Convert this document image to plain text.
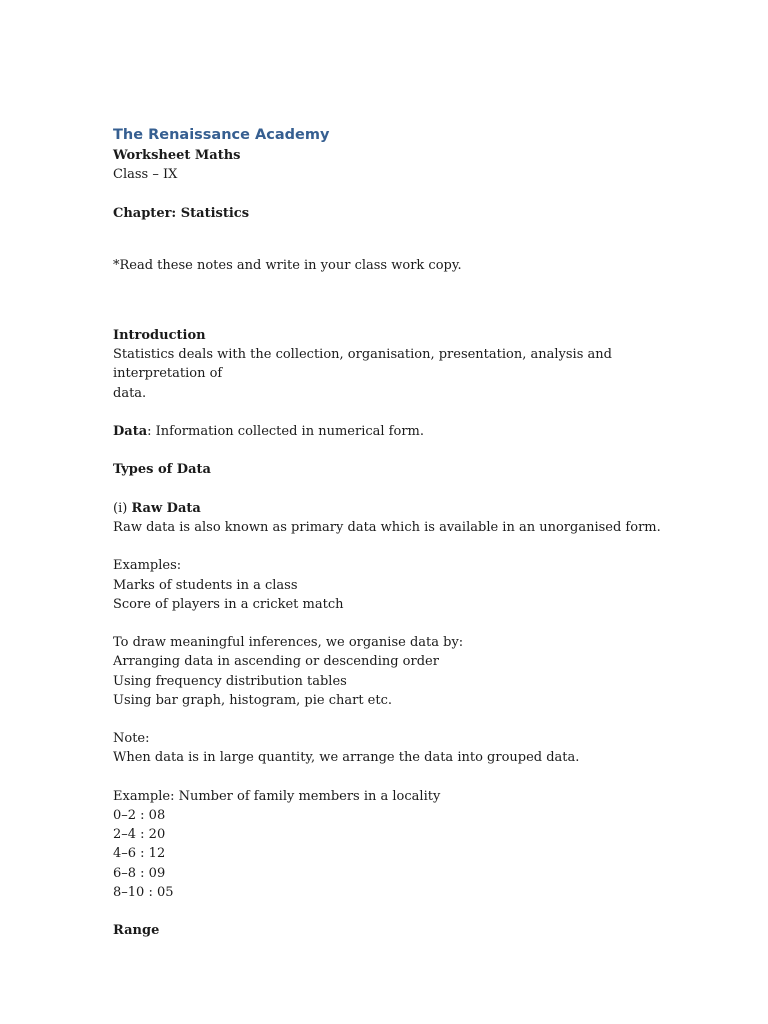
The Renaissance Academy
Worksheet Maths
Class – IX
Chapter: Statistics
*Read these notes and write in your class work copy.
Introduction
Statistics deals with the collection, organisation, presentation, analysis and interpretation of
data.
Data: Information collected in numerical form.
Types of Data
(i) Raw Data
Raw data is also known as primary data which is available in an unorganised form.
Examples:
Marks of students in a class
Score of players in a cricket match
To draw meaningful inferences, we organise data by:
Arranging data in ascending or descending order
Using frequency distribution tables
Using bar graph, histogram, pie chart etc.
Note:
When data is in large quantity, we arrange the data into grouped data.
Example: Number of family members in a locality
0–2 : 08
2–4 : 20
4–6 : 12
6–8 : 09
8–10 : 05
Range
